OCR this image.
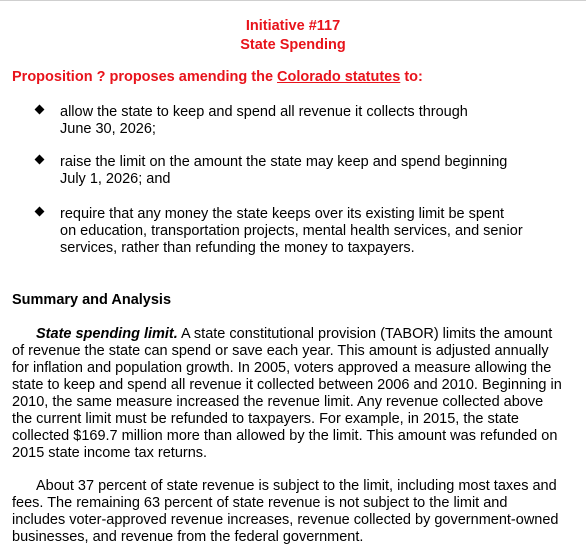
Initiative #117
State Spending
Proposition ? proposes amending the Colorado statutes to:
allow the state to keep and spend all revenue it collects through
June 30, 2026;
raise the limit on the amount the state may keep and spend beginning
July 1, 2026; and
require that any money the state keeps over its existing limit be spent
on education, transportation projects, mental health services, and senior
services, rather than refunding the money to taxpayers.
Summary and Analysis
State spending limit. A state constitutional provision (TABOR) limits the amount
of revenue the state can spend or save each year. This amount is adjusted annually
for inflation and population growth. In 2005, voters approved a measure allowing the
state to keep and spend all revenue it collected between 2006 and 2010. Beginning in
2010, the same measure increased the revenue limit. Any revenue collected above
the current limit must be refunded to taxpayers. For example, in 2015, the state
collected $169.7 million more than allowed by the limit. This amount was refunded on
2015 state income tax returns.
About 37 percent of state revenue is subject to the limit, including most taxes and
fees. The remaining 63 percent of state revenue is not subject to the limit and
includes voter-approved revenue increases, revenue collected by government-owned
businesses, and revenue from the federal government.
